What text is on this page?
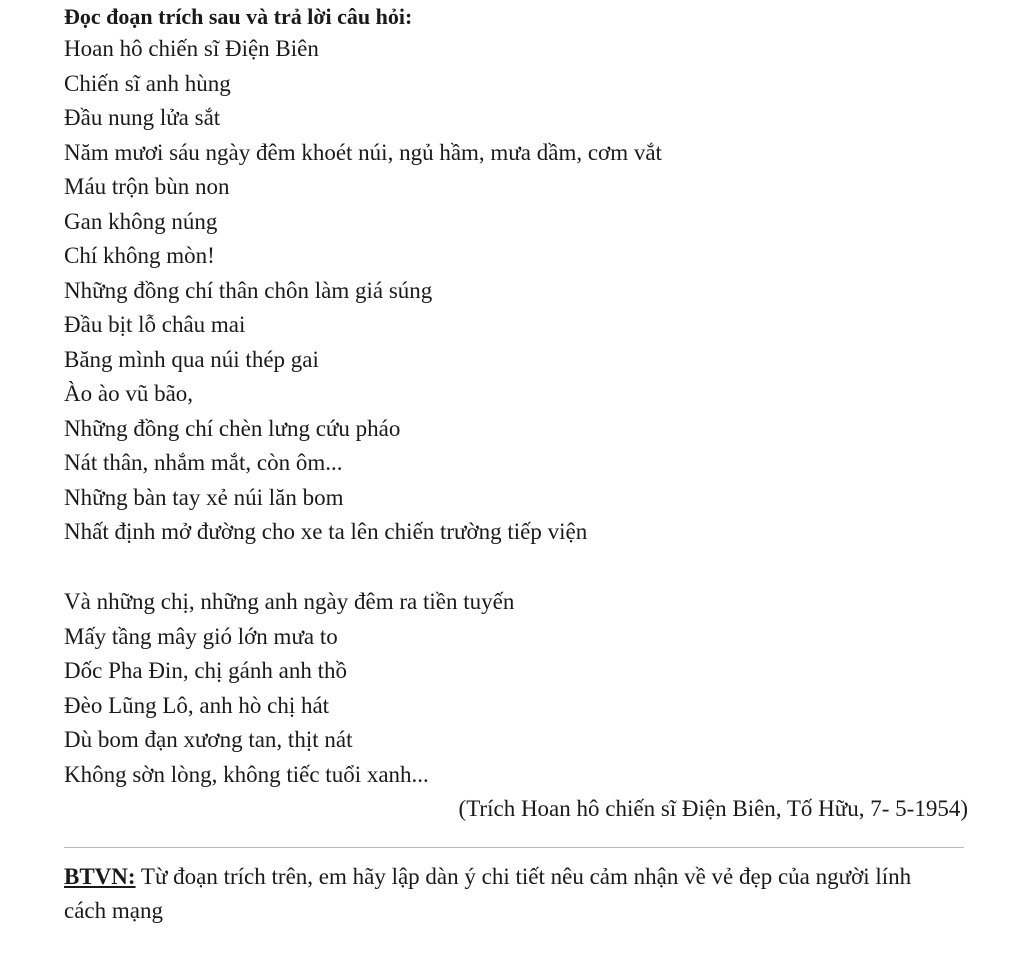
Đọc đoạn trích sau và trả lời câu hỏi:
Hoan hô chiến sĩ Điện Biên
Chiến sĩ anh hùng
Đầu nung lửa sắt
Năm mươi sáu ngày đêm khoét núi, ngủ hầm, mưa dầm, cơm vắt
Máu trộn bùn non
Gan không núng
Chí không mòn!
Những đồng chí thân chôn làm giá súng
Đầu bịt lỗ châu mai
Băng mình qua núi thép gai
Ào ào vũ bão,
Những đồng chí chèn lưng cứu pháo
Nát thân, nhắm mắt, còn ôm...
Những bàn tay xẻ núi lăn bom
Nhất định mở đường cho xe ta lên chiến trường tiếp viện
Và những chị, những anh ngày đêm ra tiền tuyến
Mấy tầng mây gió lớn mưa to
Dốc Pha Đin, chị gánh anh thồ
Đèo Lũng Lô, anh hò chị hát
Dù bom đạn xương tan, thịt nát
Không sờn lòng, không tiếc tuổi xanh...
(Trích Hoan hô chiến sĩ Điện Biên, Tố Hữu, 7- 5-1954)
BTVN: Từ đoạn trích trên, em hãy lập dàn ý chi tiết nêu cảm nhận về vẻ đẹp của người lính cách mạng
